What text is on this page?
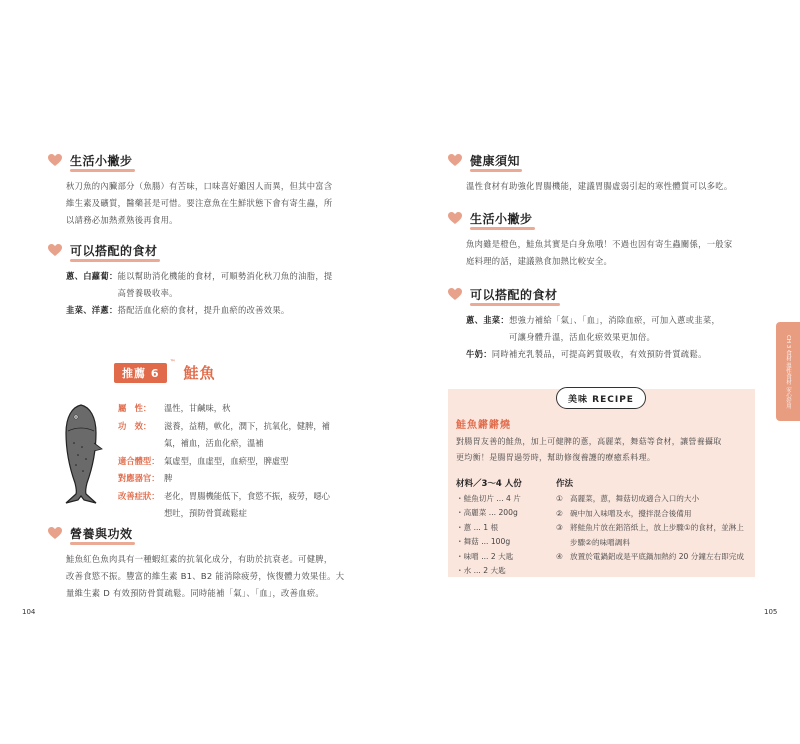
生活小撇步
秋刀魚的內臟部分（魚腸）有苦味，口味喜好雖因人而異，但其中富含
維生素及礦質，醫藥甚是可惜。要注意魚在生鮮狀態下會有寄生蟲，所
以請務必加熱煮熟後再食用。
可以搭配的食材
蔥、白蘿蔔： 能以幫助消化機能的食材，可順勢消化秋刀魚的油脂，提
高營養吸收率。
韭菜、洋蔥： 搭配活血化瘀的食材，提升血瘀的改善效果。
推薦 6 ™	鮭魚
屬　性：	溫性，甘鹹味，秋
功　效：	滋養，益精，軟化，潤下，抗氧化，健脾，補
氣，補血，活血化瘀，溫補
適合體型： 氣虛型，血虛型，血瘀型，脾虛型
對應器官： 脾
改善症狀： 老化，胃腸機能低下，食慾不振，疲勞，噁心
想吐，預防骨質疏鬆症
營養與功效
鮭魚紅色魚肉具有一種蝦紅素的抗氧化成分，有助於抗衰老。可健脾，
改善食慾不振。豐富的維生素 B1、B2 能消除疲勞，恢復體力效果佳。大
量維生素 D 有效預防骨質疏鬆。同時能補「氣」、「血」，改善血瘀。
104
健康須知
溫性食材有助強化胃腸機能，建議胃腸虛弱引起的寒性體質可以多吃。
生活小撇步
魚肉雖是橙色，鮭魚其實是白身魚哦！不過也因有寄生蟲關係，一般家
庭料理的話，建議熟食加熱比較安全。
可以搭配的食材
蔥、韭菜： 想強力補給「氣」、「血」，消除血瘀，可加入蔥或韭菜，
可讓身體升溫，活血化瘀效果更加倍。
牛奶： 同時補充乳製品，可提高鈣質吸收，有效預防骨質疏鬆。	CH 3 食材 溫性食材 安心好用
美味 RECIPE
鮭魚鏘鏘燒
對腸胃友善的鮭魚，加上可健脾的蔥，高麗菜，舞菇等食材，讓營養攝取
更均衡！是腸胃過勞時，幫助修復養護的療癒系料理。
材料／3～4 人份	作法
・鮭魚切片 ... 4 片
・高麗菜 ... 200g
・蔥 ... 1 根
・舞菇 ... 100g
・味噌 ... 2 大匙
・水 ... 2 大匙
① 高麗菜，蔥，舞菇切成適合入口的大小
② 碗中加入味噌及水，攪拌混合後備用
③ 將鮭魚片放在鋁箔紙上，放上步驟①的食材，並淋上步驟②的味噌調料
④ 放置於電鍋鋁或是平底鍋加熱約 20 分鐘左右即完成
105
